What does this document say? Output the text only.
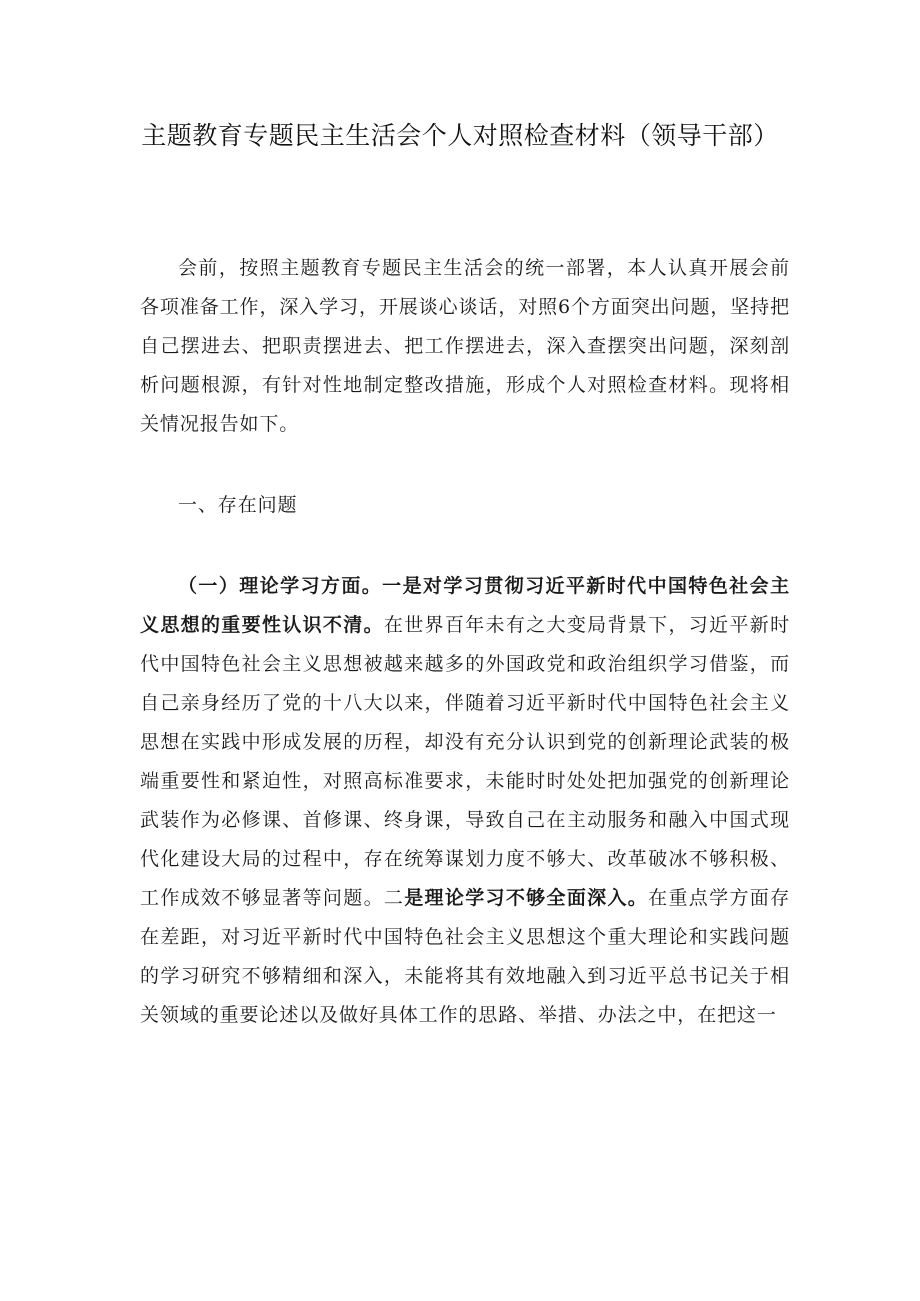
主题教育专题民主生活会个人对照检查材料（领导干部）

会前，按照主题教育专题民主生活会的统一部署，本人认真开展会前各项准备工作，深入学习，开展谈心谈话，对照6个方面突出问题，坚持把自己摆进去、把职责摆进去、把工作摆进去，深入查摆突出问题，深刻剖析问题根源，有针对性地制定整改措施，形成个人对照检查材料。现将相关情况报告如下。

一、存在问题

（一）理论学习方面。一是对学习贯彻习近平新时代中国特色社会主义思想的重要性认识不清。在世界百年未有之大变局背景下，习近平新时代中国特色社会主义思想被越来越多的外国政党和政治组织学习借鉴，而自己亲身经历了党的十八大以来，伴随着习近平新时代中国特色社会主义思想在实践中形成发展的历程，却没有充分认识到党的创新理论武装的极端重要性和紧迫性，对照高标准要求，未能时时处处把加强党的创新理论武装作为必修课、首修课、终身课，导致自己在主动服务和融入中国式现代化建设大局的过程中，存在统筹谋划力度不够大、改革破冰不够积极、工作成效不够显著等问题。二是理论学习不够全面深入。在重点学方面存在差距，对习近平新时代中国特色社会主义思想这个重大理论和实践问题的学习研究不够精细和深入，未能将其有效地融入到习近平总书记关于相关领域的重要论述以及做好具体工作的思路、举措、办法之中，在把这一
